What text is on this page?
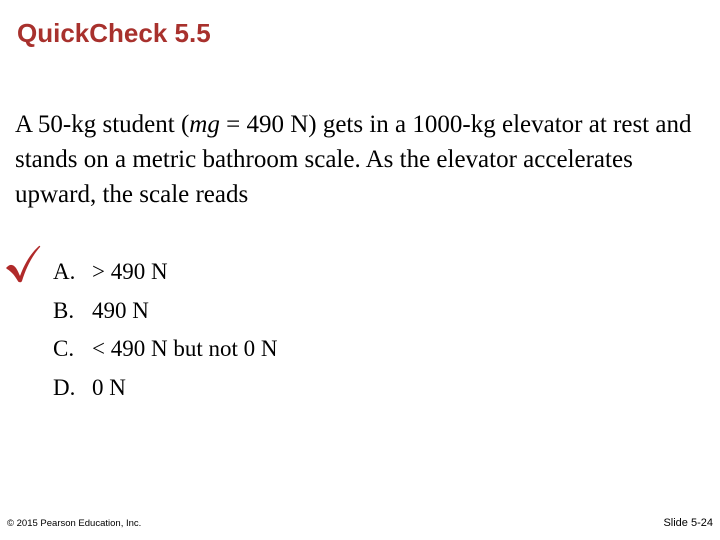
QuickCheck 5.5
A 50-kg student (mg = 490 N) gets in a 1000-kg elevator at rest and stands on a metric bathroom scale. As the elevator accelerates upward, the scale reads
A. > 490 N
B. 490 N
C. < 490 N but not 0 N
D. 0 N
© 2015 Pearson Education, Inc.	Slide 5-24
